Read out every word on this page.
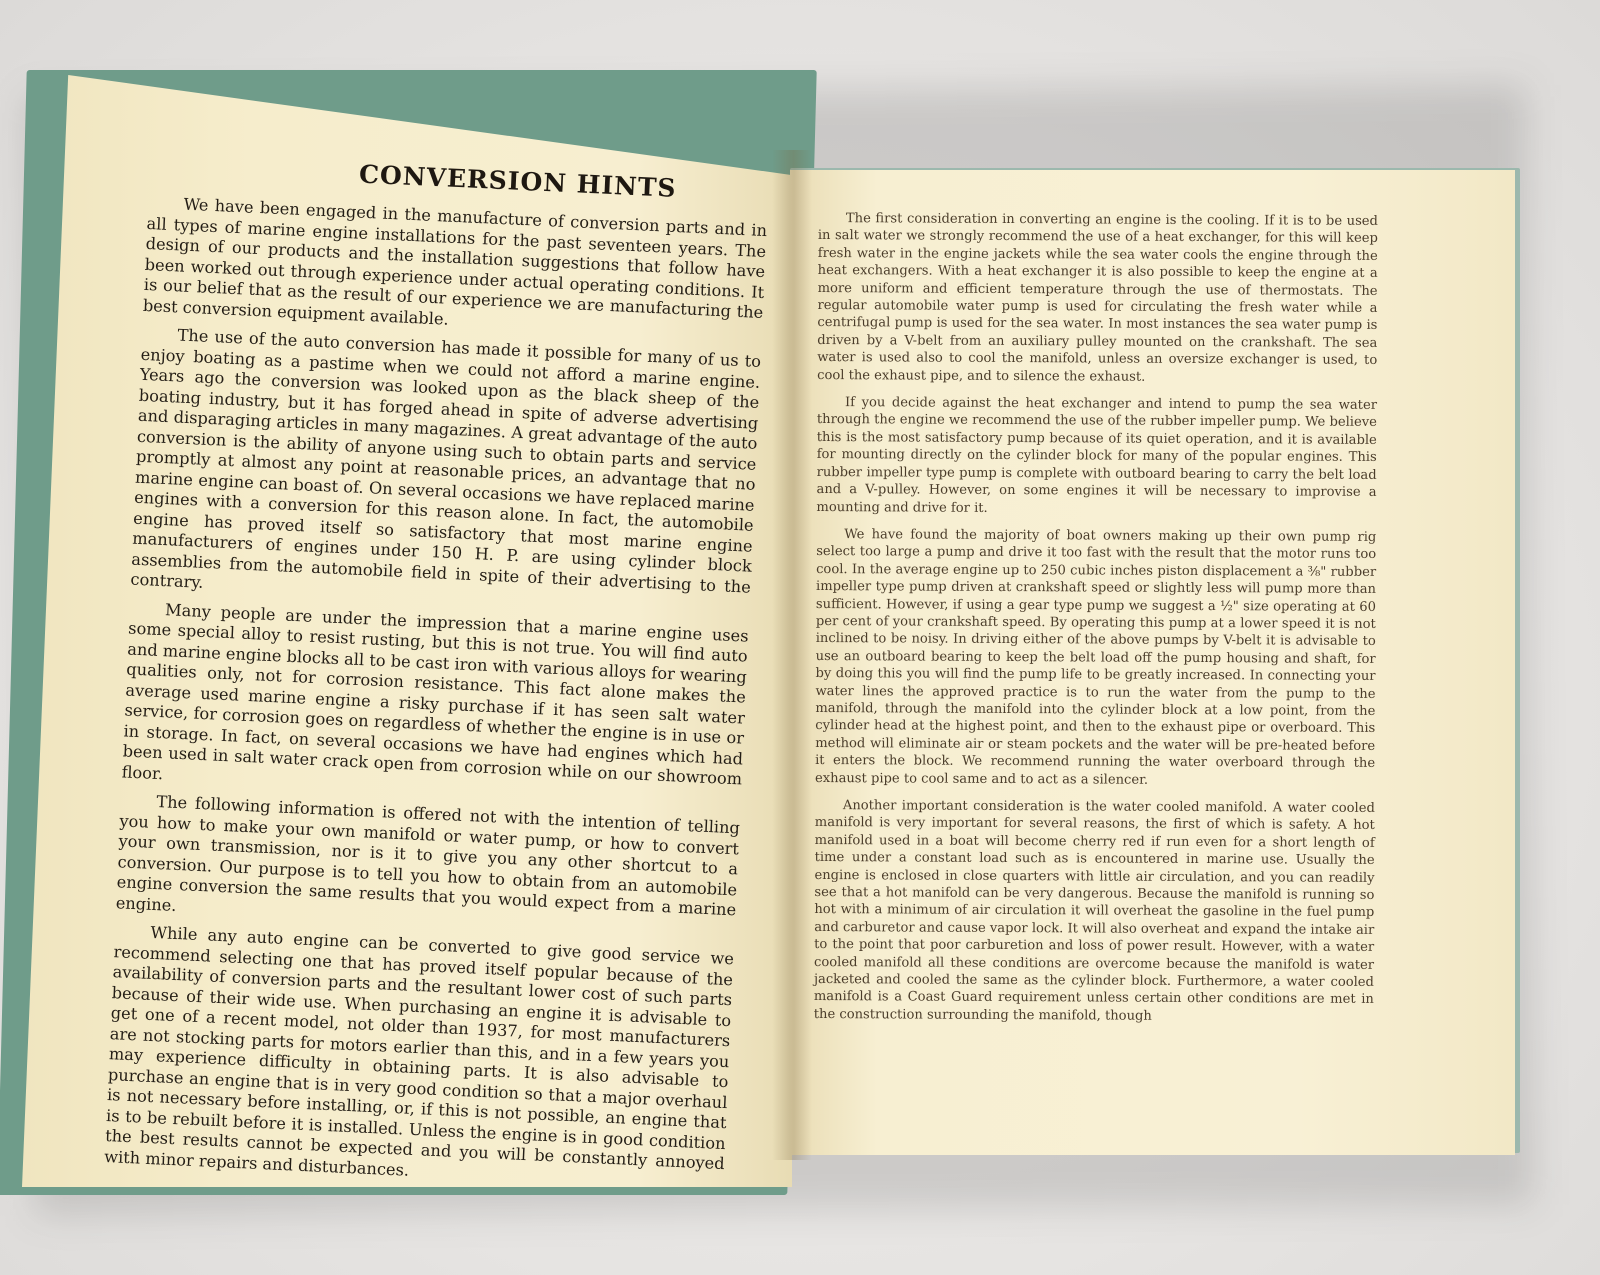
CONVERSION HINTS

We have been engaged in the manufacture of conversion parts and in all types of marine engine installations for the past seventeen years. The design of our products and the installation suggestions that follow have been worked out through experience under actual operating conditions. It is our belief that as the result of our experience we are manufacturing the best conversion equipment available.

The use of the auto conversion has made it possible for many of us to enjoy boating as a pastime when we could not afford a marine engine. Years ago the conversion was looked upon as the black sheep of the boating industry, but it has forged ahead in spite of adverse advertising and disparaging articles in many magazines. A great advantage of the auto conversion is the ability of anyone using such to obtain parts and service promptly at almost any point at reasonable prices, an advantage that no marine engine can boast of. On several occasions we have replaced marine engines with a conversion for this reason alone. In fact, the automobile engine has proved itself so satisfactory that most marine engine manufacturers of engines under 150 H. P. are using cylinder block assemblies from the automobile field in spite of their advertising to the contrary.

Many people are under the impression that a marine engine uses some special alloy to resist rusting, but this is not true. You will find auto and marine engine blocks all to be cast iron with various alloys for wearing qualities only, not for corrosion resistance. This fact alone makes the average used marine engine a risky purchase if it has seen salt water service, for corrosion goes on regardless of whether the engine is in use or in storage. In fact, on several occasions we have had engines which had been used in salt water crack open from corrosion while on our showroom floor.

The following information is offered not with the intention of telling you how to make your own manifold or water pump, or how to convert your own transmission, nor is it to give you any other shortcut to a conversion. Our purpose is to tell you how to obtain from an automobile engine conversion the same results that you would expect from a marine engine.

While any auto engine can be converted to give good service we recommend selecting one that has proved itself popular because of the availability of conversion parts and the resultant lower cost of such parts because of their wide use. When purchasing an engine it is advisable to get one of a recent model, not older than 1937, for most manufacturers are not stocking parts for motors earlier than this, and in a few years you may experience difficulty in obtaining parts. It is also advisable to purchase an engine that is in very good condition so that a major overhaul is not necessary before installing, or, if this is not possible, an engine that is to be rebuilt before it is installed. Unless the engine is in good condition the best results cannot be expected and you will be constantly annoyed with minor repairs and disturbances.

The first consideration in converting an engine is the cooling. If it is to be used in salt water we strongly recommend the use of a heat exchanger, for this will keep fresh water in the engine jackets while the sea water cools the engine through the heat exchangers. With a heat exchanger it is also possible to keep the engine at a more uniform and efficient temperature through the use of thermostats. The regular automobile water pump is used for circulating the fresh water while a centrifugal pump is used for the sea water. In most instances the sea water pump is driven by a V-belt from an auxiliary pulley mounted on the crankshaft. The sea water is used also to cool the manifold, unless an oversize exchanger is used, to cool the exhaust pipe, and to silence the exhaust.

If you decide against the heat exchanger and intend to pump the sea water through the engine we recommend the use of the rubber impeller pump. We believe this is the most satisfactory pump because of its quiet operation, and it is available for mounting directly on the cylinder block for many of the popular engines. This rubber impeller type pump is complete with outboard bearing to carry the belt load and a V-pulley. However, on some engines it will be necessary to improvise a mounting and drive for it.

We have found the majority of boat owners making up their own pump rig select too large a pump and drive it too fast with the result that the motor runs too cool. In the average engine up to 250 cubic inches piston displacement a ⅜" rubber impeller type pump driven at crankshaft speed or slightly less will pump more than sufficient. However, if using a gear type pump we suggest a ½" size operating at 60 per cent of your crankshaft speed. By operating this pump at a lower speed it is not inclined to be noisy. In driving either of the above pumps by V-belt it is advisable to use an outboard bearing to keep the belt load off the pump housing and shaft, for by doing this you will find the pump life to be greatly increased. In connecting your water lines the approved practice is to run the water from the pump to the manifold, through the manifold into the cylinder block at a low point, from the cylinder head at the highest point, and then to the exhaust pipe or overboard. This method will eliminate air or steam pockets and the water will be pre-heated before it enters the block. We recommend running the water overboard through the exhaust pipe to cool same and to act as a silencer.

Another important consideration is the water cooled manifold. A water cooled manifold is very important for several reasons, the first of which is safety. A hot manifold used in a boat will become cherry red if run even for a short length of time under a constant load such as is encountered in marine use. Usually the engine is enclosed in close quarters with little air circulation, and you can readily see that a hot manifold can be very dangerous. Because the manifold is running so hot with a minimum of air circulation it will overheat the gasoline in the fuel pump and carburetor and cause vapor lock. It will also overheat and expand the intake air to the point that poor carburetion and loss of power result. However, with a water cooled manifold all these conditions are overcome because the manifold is water jacketed and cooled the same as the cylinder block. Furthermore, a water cooled manifold is a Coast Guard requirement unless certain other conditions are met in the construction surrounding the manifold, though
